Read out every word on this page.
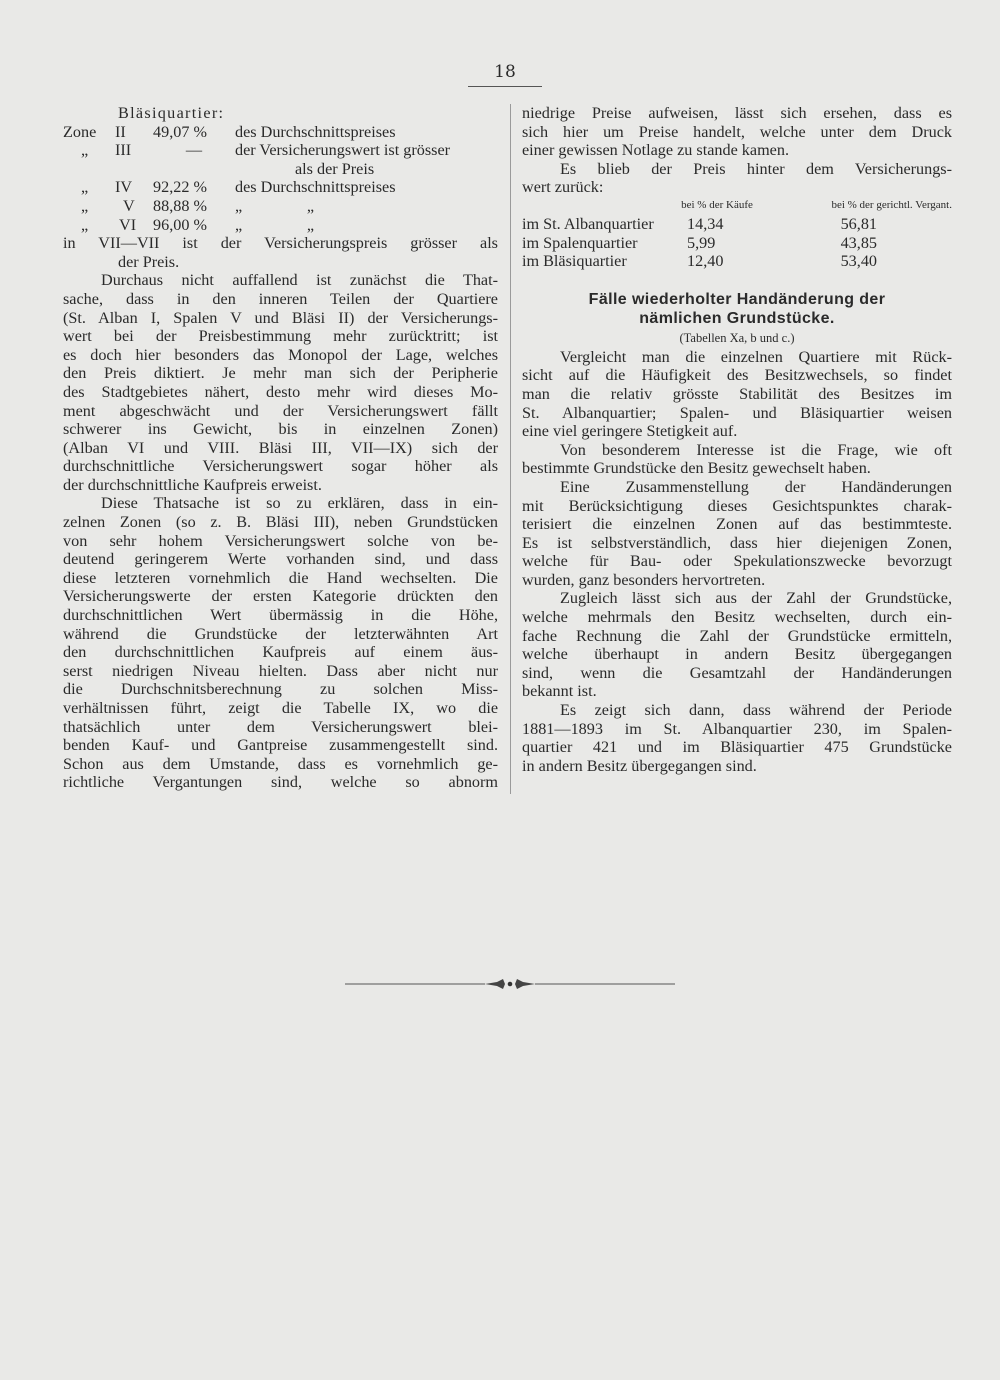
18
Bläsiquartier:
Zone	II	49,07 %	des Durchschnittspreises
„	III	—	der Versicherungswert ist grösser
als der Preis
„	IV	92,22 %	des Durchschnittspreises
„	V	88,88 %	„                „
„	VI	96,00 %	„                „
in VII—VII ist der Versicherungspreis grösser als
der Preis.
Durchaus nicht auffallend ist zunächst die That-
sache, dass in den inneren Teilen der Quartiere
(St. Alban I, Spalen V und Bläsi II) der Versicherungs-
wert bei der Preisbestimmung mehr zurücktritt; ist
es doch hier besonders das Monopol der Lage, welches
den Preis diktiert. Je mehr man sich der Peripherie
des Stadtgebietes nähert, desto mehr wird dieses Mo-
ment abgeschwächt und der Versicherungswert fällt
schwerer ins Gewicht, bis in einzelnen Zonen)
(Alban VI und VIII. Bläsi III, VII—IX) sich der
durchschnittliche Versicherungswert sogar höher als
der durchschnittliche Kaufpreis erweist.
Diese Thatsache ist so zu erklären, dass in ein-
zelnen Zonen (so z. B. Bläsi III), neben Grundstücken
von sehr hohem Versicherungswert solche von be-
deutend geringerem Werte vorhanden sind, und dass
diese letzteren vornehmlich die Hand wechselten. Die
Versicherungswerte der ersten Kategorie drückten den
durchschnittlichen Wert übermässig in die Höhe,
während die Grundstücke der letzterwähnten Art
den durchschnittlichen Kaufpreis auf einem äus-
serst niedrigen Niveau hielten. Dass aber nicht nur
die Durchschnitsberechnung zu solchen Miss-
verhältnissen führt, zeigt die Tabelle IX, wo die
thatsächlich unter dem Versicherungswert blei-
benden Kauf- und Gantpreise zusammengestellt sind.
Schon aus dem Umstande, dass es vornehmlich ge-
richtliche Vergantungen sind, welche so abnorm
niedrige Preise aufweisen, lässt sich ersehen, dass es
sich hier um Preise handelt, welche unter dem Druck
einer gewissen Notlage zu stande kamen.
Es blieb der Preis hinter dem Versicherungs-
wert zurück:
bei % der Käufe	bei % der gerichtl. Vergant.
im St. Albanquartier	14,34	56,81
im Spalenquartier	5,99	43,85
im Bläsiquartier	12,40	53,40
Fälle wiederholter Handänderung der
nämlichen Grundstücke.
(Tabellen Xa, b und c.)
Vergleicht man die einzelnen Quartiere mit Rück-
sicht auf die Häufigkeit des Besitzwechsels, so findet
man die relativ grösste Stabilität des Besitzes im
St. Albanquartier; Spalen- und Bläsiquartier weisen
eine viel geringere Stetigkeit auf.
Von besonderem Interesse ist die Frage, wie oft
bestimmte Grundstücke den Besitz gewechselt haben.
Eine Zusammenstellung der Handänderungen
mit Berücksichtigung dieses Gesichtspunktes charak-
terisiert die einzelnen Zonen auf das bestimmteste.
Es ist selbstverständlich, dass hier diejenigen Zonen,
welche für Bau- oder Spekulationszwecke bevorzugt
wurden, ganz besonders hervortreten.
Zugleich lässt sich aus der Zahl der Grundstücke,
welche mehrmals den Besitz wechselten, durch ein-
fache Rechnung die Zahl der Grundstücke ermitteln,
welche überhaupt in andern Besitz übergegangen
sind, wenn die Gesamtzahl der Handänderungen
bekannt ist.
Es zeigt sich dann, dass während der Periode
1881—1893 im St. Albanquartier 230, im Spalen-
quartier 421 und im Bläsiquartier 475 Grundstücke
in andern Besitz übergegangen sind.
